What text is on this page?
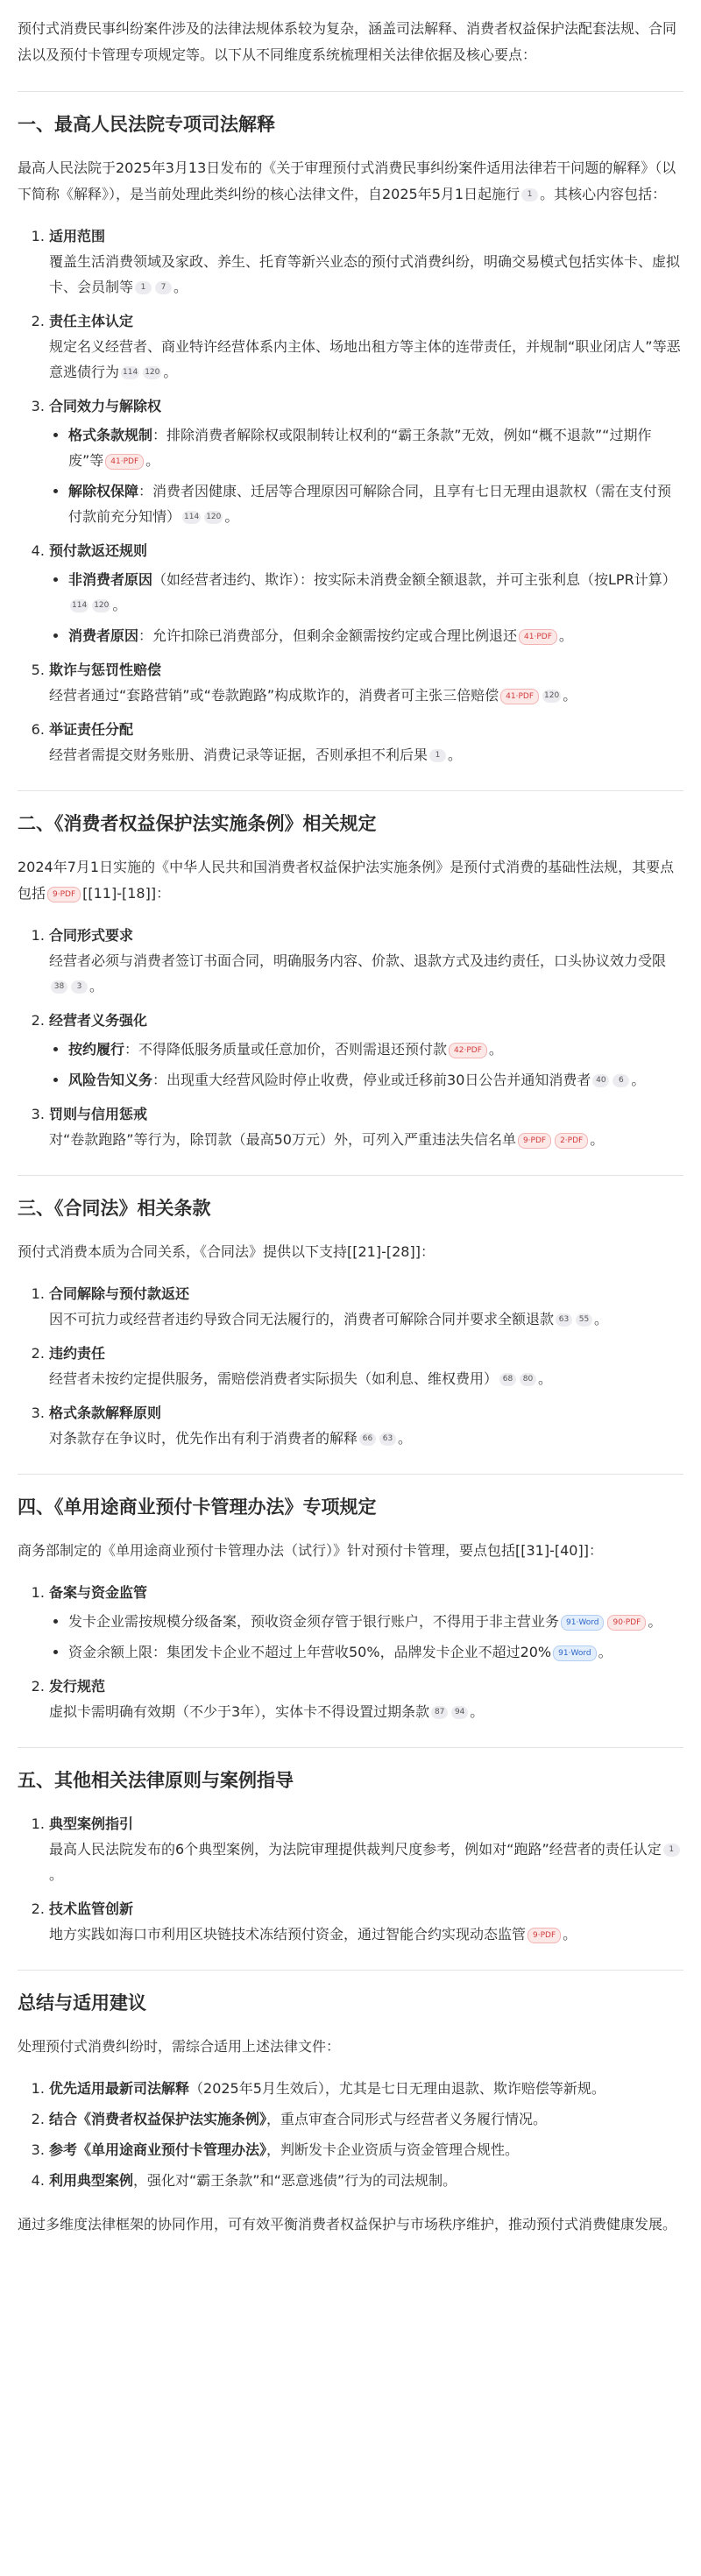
预付式消费民事纠纷案件涉及的法律法规体系较为复杂，涵盖司法解释、消费者权益保护法配套法规、合同法以及预付卡管理专项规定等。以下从不同维度系统梳理相关法律依据及核心要点：

一、最高人民法院专项司法解释

最高人民法院于2025年3月13日发布的《关于审理预付式消费民事纠纷案件适用法律若干问题的解释》（以下简称《解释》），是当前处理此类纠纷的核心法律文件，自2025年5月1日起施行 1 。其核心内容包括：

1. 适用范围
覆盖生活消费领域及家政、养生、托育等新兴业态的预付式消费纠纷，明确交易模式包括实体卡、虚拟卡、会员制等 1 7 。
2. 责任主体认定
规定名义经营者、商业特许经营体系内主体、场地出租方等主体的连带责任，并规制“职业闭店人”等恶意逃债行为 114 120 。
3. 合同效力与解除权
• 格式条款规制：排除消费者解除权或限制转让权利的“霸王条款”无效，例如“概不退款”“过期作废”等 41·PDF 。
• 解除权保障：消费者因健康、迁居等合理原因可解除合同，且享有七日无理由退款权（需在支付预付款前充分知情） 114 120 。
4. 预付款返还规则
• 非消费者原因（如经营者违约、欺诈）：按实际未消费金额全额退款，并可主张利息（按LPR计算）114 120 。
• 消费者原因：允许扣除已消费部分，但剩余金额需按约定或合理比例退还 41·PDF 。
5. 欺诈与惩罚性赔偿
经营者通过“套路营销”或“卷款跑路”构成欺诈的，消费者可主张三倍赔偿 41·PDF 120 。
6. 举证责任分配
经营者需提交财务账册、消费记录等证据，否则承担不利后果 1 。
二、《消费者权益保护法实施条例》相关规定

2024年7月1日实施的《中华人民共和国消费者权益保护法实施条例》是预付式消费的基础性法规，其要点包括 9·PDF [[11]-[18]]：

1. 合同形式要求
经营者必须与消费者签订书面合同，明确服务内容、价款、退款方式及违约责任，口头协议效力受限38 3 。
2. 经营者义务强化
• 按约履行：不得降低服务质量或任意加价，否则需退还预付款 42·PDF 。
• 风险告知义务：出现重大经营风险时停止收费，停业或迁移前30日公告并通知消费者 40 6 。
3. 罚则与信用惩戒
对“卷款跑路”等行为，除罚款（最高50万元）外，可列入严重违法失信名单 9·PDF 2·PDF 。
三、《合同法》相关条款

预付式消费本质为合同关系，《合同法》提供以下支持[[21]-[28]]：

1. 合同解除与预付款返还
因不可抗力或经营者违约导致合同无法履行的，消费者可解除合同并要求全额退款 63 55 。
2. 违约责任
经营者未按约定提供服务，需赔偿消费者实际损失（如利息、维权费用） 68 80 。
3. 格式条款解释原则
对条款存在争议时，优先作出有利于消费者的解释 66 63 。
四、《单用途商业预付卡管理办法》专项规定

商务部制定的《单用途商业预付卡管理办法（试行）》针对预付卡管理，要点包括[[31]-[40]]：

1. 备案与资金监管
• 发卡企业需按规模分级备案，预收资金须存管于银行账户，不得用于非主营业务 91·Word 90·PDF 。
• 资金余额上限：集团发卡企业不超过上年营收50%，品牌发卡企业不超过20% 91·Word 。
2. 发行规范
虚拟卡需明确有效期（不少于3年），实体卡不得设置过期条款 87 94 。
五、其他相关法律原则与案例指导
1. 典型案例指引
最高人民法院发布的6个典型案例，为法院审理提供裁判尺度参考，例如对“跑路”经营者的责任认定 1。
2. 技术监管创新
地方实践如海口市利用区块链技术冻结预付资金，通过智能合约实现动态监管 9·PDF 。
总结与适用建议

处理预付式消费纠纷时，需综合适用上述法律文件：

1. 优先适用最新司法解释（2025年5月生效后），尤其是七日无理由退款、欺诈赔偿等新规。
2. 结合《消费者权益保护法实施条例》，重点审查合同形式与经营者义务履行情况。
3. 参考《单用途商业预付卡管理办法》，判断发卡企业资质与资金管理合规性。
4. 利用典型案例，强化对“霸王条款”和“恶意逃债”行为的司法规制。

通过多维度法律框架的协同作用，可有效平衡消费者权益保护与市场秩序维护，推动预付式消费健康发展。
